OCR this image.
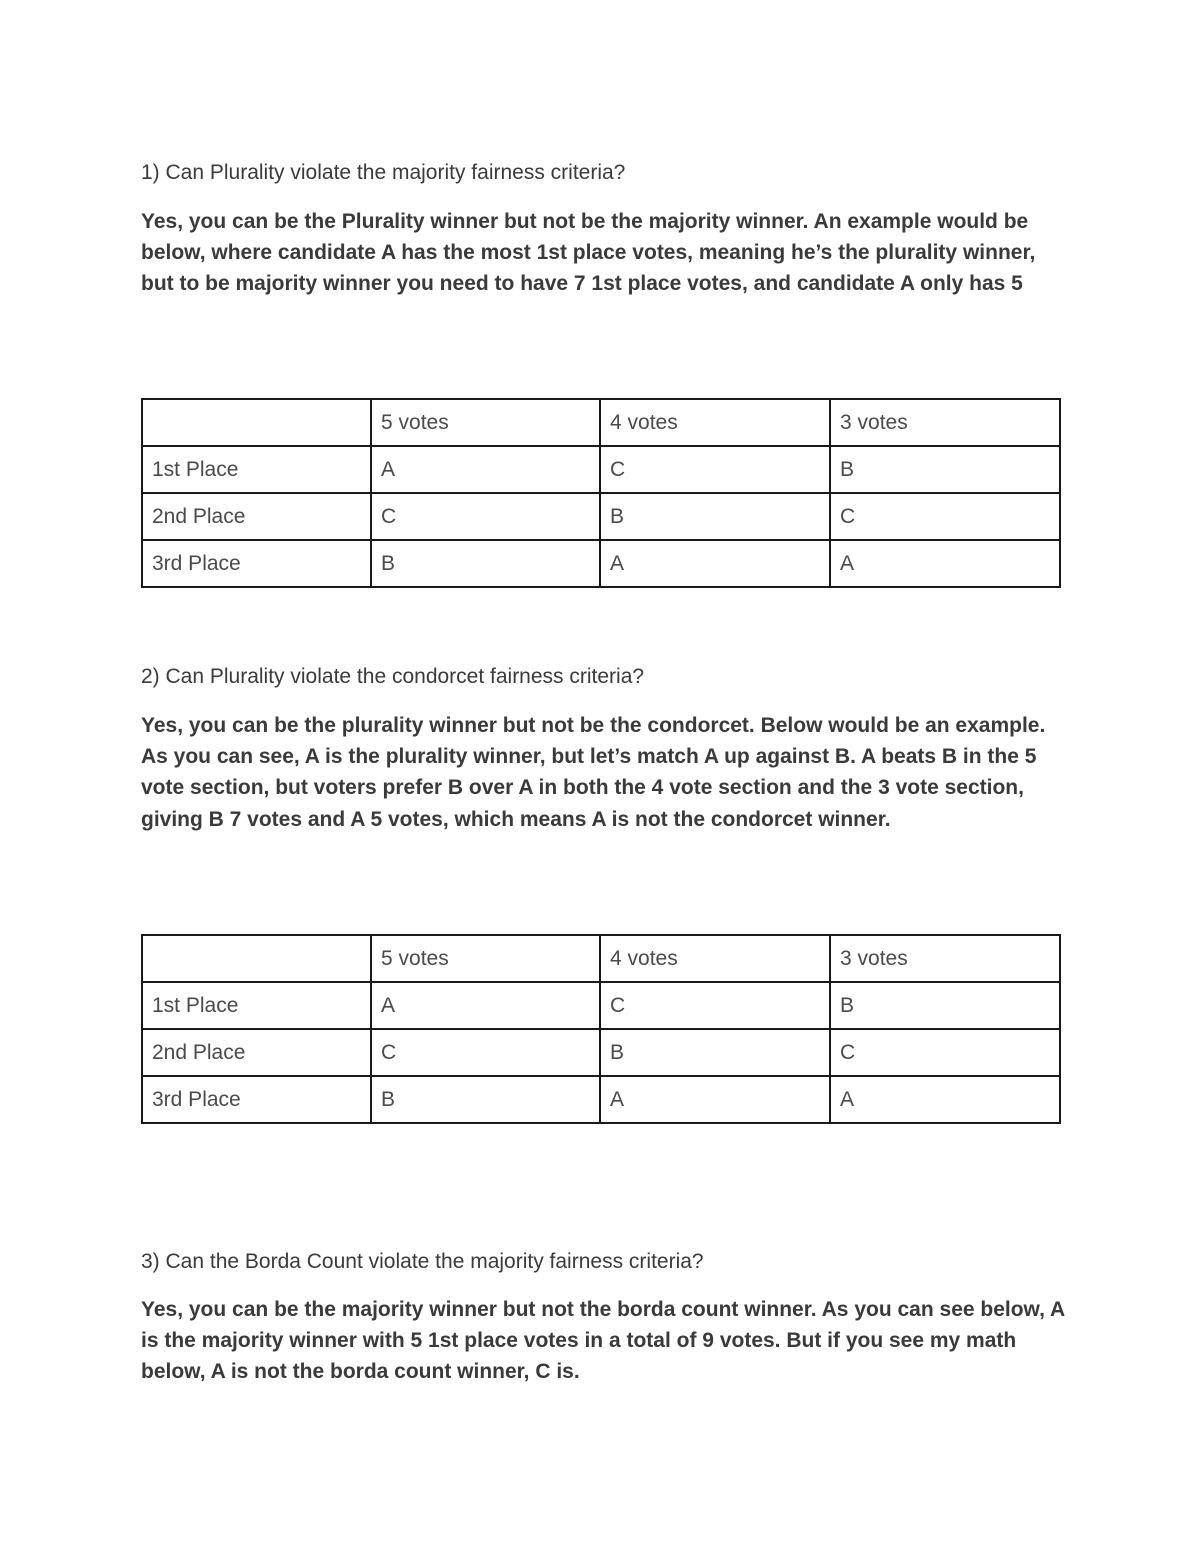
1) Can Plurality violate the majority fairness criteria?

Yes, you can be the Plurality winner but not be the majority winner. An example would be below, where candidate A has the most 1st place votes, meaning he’s the plurality winner, but to be majority winner you need to have 7 1st place votes, and candidate A only has 5

	5 votes	4 votes	3 votes
1st Place	A	C	B
2nd Place	C	B	C
3rd Place	B	A	A

2) Can Plurality violate the condorcet fairness criteria?

Yes, you can be the plurality winner but not be the condorcet. Below would be an example. As you can see, A is the plurality winner, but let’s match A up against B. A beats B in the 5 vote section, but voters prefer B over A in both the 4 vote section and the 3 vote section, giving B 7 votes and A 5 votes, which means A is not the condorcet winner.

	5 votes	4 votes	3 votes
1st Place	A	C	B
2nd Place	C	B	C
3rd Place	B	A	A

3) Can the Borda Count violate the majority fairness criteria?

Yes, you can be the majority winner but not the borda count winner. As you can see below, A is the majority winner with 5 1st place votes in a total of 9 votes. But if you see my math below, A is not the borda count winner, C is.
